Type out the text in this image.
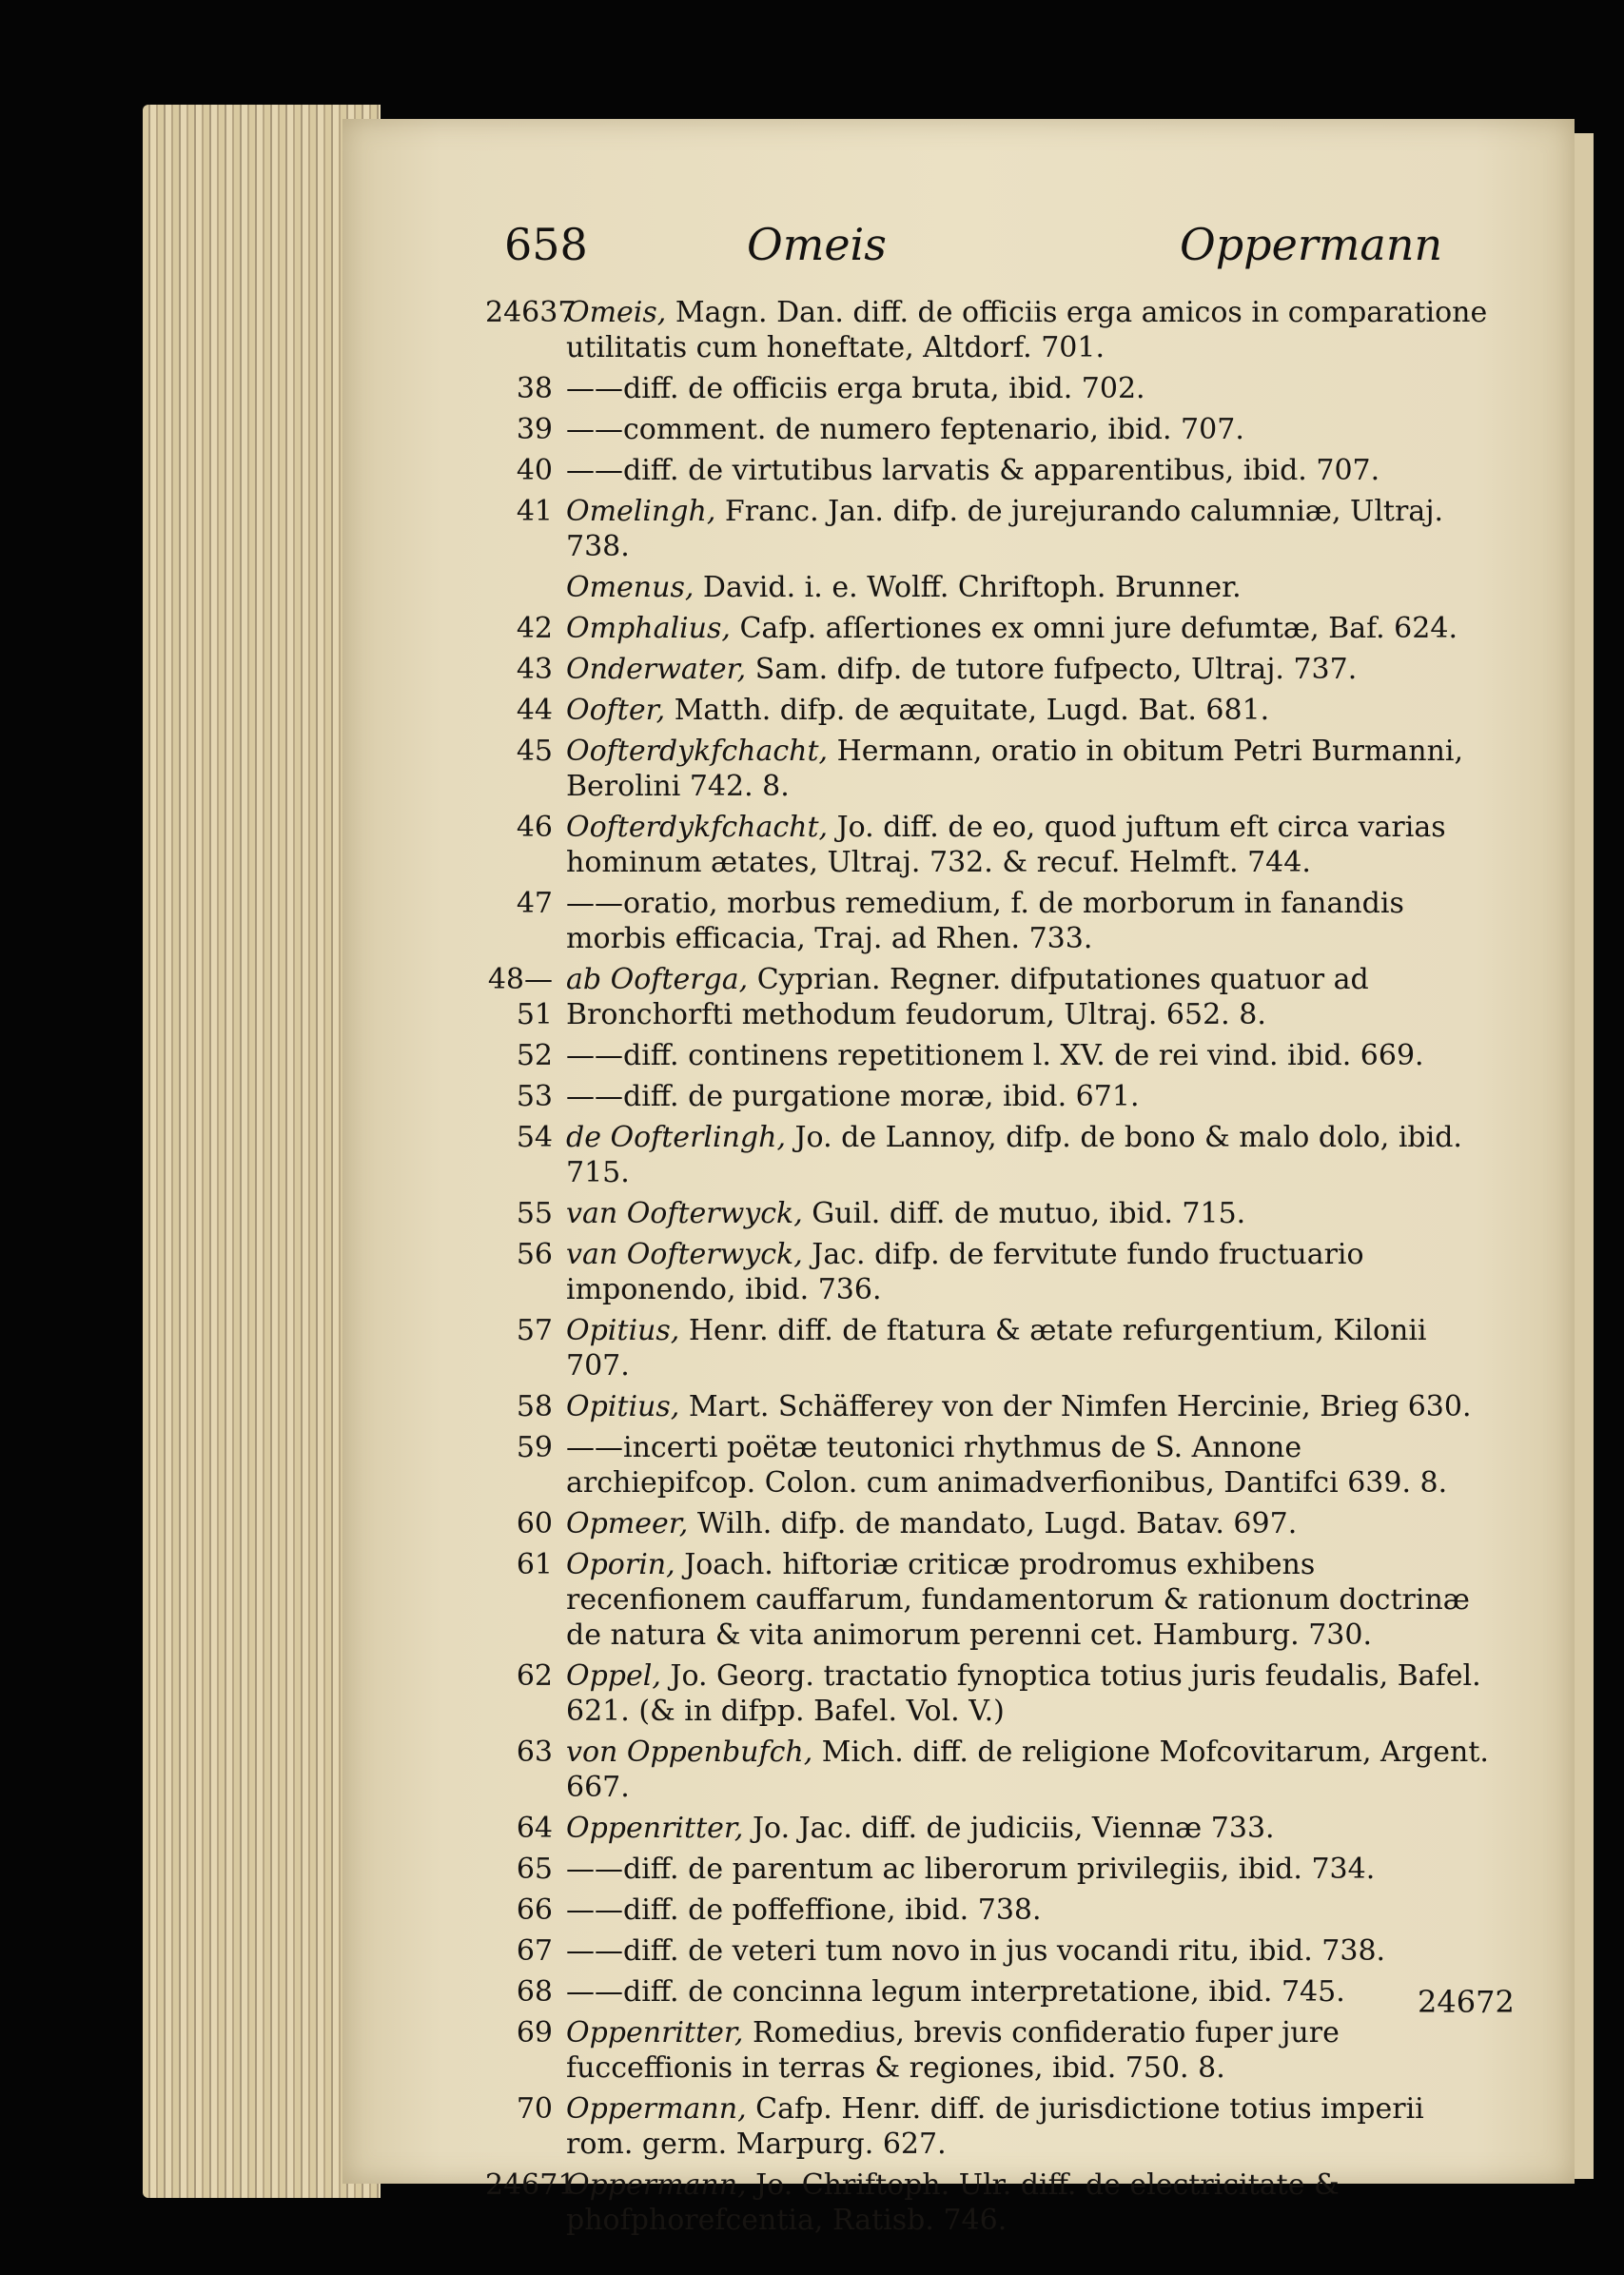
658	Omeis	Oppermann
24637
Omeis, Magn. Dan. diff. de officiis erga amicos in comparatione utilitatis cum honeftate, Altdorf. 701.
38 ——diff. de officiis erga bruta, ibid. 702.
39 ——comment. de numero feptenario, ibid. 707.
40 ——diff. de virtutibus larvatis & apparentibus, ibid. 707.
41 Omelingh, Franc. Jan. difp. de jurejurando calumniæ, Ultraj. 738.
Omenus, David. i. e. Wolff. Chriftoph. Brunner.
42 Omphalius, Cafp. afſertiones ex omni jure defumtæ, Baf. 624.
43 Onderwater, Sam. difp. de tutore fufpecto, Ultraj. 737.
44 Oofter, Matth. difp. de æquitate, Lugd. Bat. 681.
45 Oofterdykfchacht, Hermann, oratio in obitum Petri Burmanni, Berolini 742. 8.
46 Oofterdykfchacht, Jo. diff. de eo, quod juftum eft circa varias hominum ætates, Ultraj. 732. & recuf. Helmft. 744.
47 ——oratio, morbus remedium, f. de morborum in fanandis morbis efficacia, Traj. ad Rhen. 733.
48—51
ab Oofterga, Cyprian. Regner. difputationes quatuor ad Bronchorfti methodum feudorum, Ultraj. 652. 8.
52 ——diff. continens repetitionem l. XV. de rei vind. ibid. 669.
53 ——diff. de purgatione moræ, ibid. 671.
54 de Oofterlingh, Jo. de Lannoy, difp. de bono & malo dolo, ibid. 715.
55 van Oofterwyck, Guil. diff. de mutuo, ibid. 715.
56 van Oofterwyck, Jac. difp. de fervitute fundo fructuario imponendo, ibid. 736.
57 Opitius, Henr. diff. de ftatura & ætate refurgentium, Kilonii 707.
58 Opitius, Mart. Schäfferey von der Nimfen Hercinie, Brieg 630.
59 ——incerti poëtæ teutonici rhythmus de S. Annone archiepifcop. Colon. cum animadverfionibus, Dantifci 639. 8.
60 Opmeer, Wilh. difp. de mandato, Lugd. Batav. 697.
61 Oporin, Joach. hiftoriæ criticæ prodromus exhibens recenfionem cauffarum, fundamentorum & rationum doctrinæ de natura & vita animorum perenni cet. Hamburg. 730.
62 Oppel, Jo. Georg. tractatio fynoptica totius juris feudalis, Bafel. 621. (& in difpp. Bafel. Vol. V.)
63 von Oppenbufch, Mich. diff. de religione Mofcovitarum, Argent. 667.
64 Oppenritter, Jo. Jac. diff. de judiciis, Viennæ 733.
65 ——diff. de parentum ac liberorum privilegiis, ibid. 734.
66 ——diff. de poffeffione, ibid. 738.
67 ——diff. de veteri tum novo in jus vocandi ritu, ibid. 738.
68 ——diff. de concinna legum interpretatione, ibid. 745.
69 Oppenritter, Romedius, brevis confideratio fuper jure fucceffionis in terras & regiones, ibid. 750. 8.
70 Oppermann, Cafp. Henr. diff. de jurisdictione totius imperii rom. germ. Marpurg. 627.
24671
Oppermann, Jo. Chriftoph. Ulr. diff. de electricitate & phofphorefcentia, Ratisb. 746.
24672
